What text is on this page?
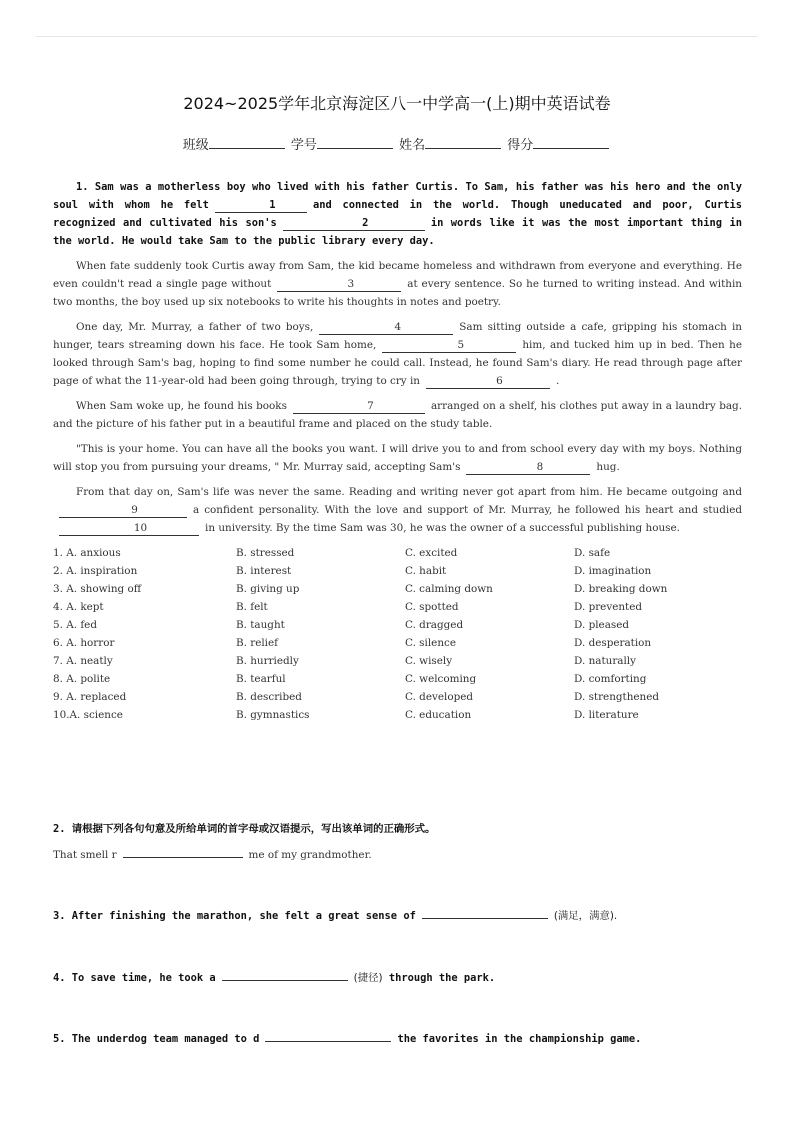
2024~2025学年北京海淀区八一中学高一(上)期中英语试卷
班级	学号	姓名	得分

1. Sam was a motherless boy who lived with his father Curtis. To Sam, his father was his hero and the only soul with whom he felt	1	and connected in the world. Though uneducated and poor, Curtis recognized and cultivated his son's	2	in words like it was the most important thing in the world. He would take Sam to the public library every day.

When fate suddenly took Curtis away from Sam, the kid became homeless and withdrawn from everyone and everything. He even couldn't read a single page without	3	at every sentence. So he turned to writing instead. And within two months, the boy used up six notebooks to write his thoughts in notes and poetry.

One day, Mr. Murray, a father of two boys,	4	Sam sitting outside a cafe, gripping his stomach in hunger, tears streaming down his face. He took Sam home,	5	him, and tucked him up in bed. Then he looked through Sam's bag, hoping to find some number he could call. Instead, he found Sam's diary. He read through page after page of what the 11-year-old had been going through, trying to cry in	6	.

When Sam woke up, he found his books	7	arranged on a shelf, his clothes put away in a laundry bag. and the picture of his father put in a beautiful frame and placed on the study table.

"This is your home. You can have all the books you want. I will drive you to and from school every day with my boys. Nothing will stop you from pursuing your dreams, " Mr. Murray said, accepting Sam's	8	hug.

From that day on, Sam's life was never the same. Reading and writing never got apart from him. He became outgoing and9	a confident personality. With the love and support of Mr. Murray, he followed his heart and studied10	in university. By the time Sam was 30, he was the owner of a successful publishing house.

1. A. anxious	B. stressed	C. excited	D. safe
2. A. inspiration	B. interest	C. habit	D. imagination
3. A. showing off	B. giving up	C. calming down	D. breaking down
4. A. kept	B. felt	C. spotted	D. prevented
5. A. fed	B. taught	C. dragged	D. pleased
6. A. horror	B. relief	C. silence	D. desperation
7. A. neatly	B. hurriedly	C. wisely	D. naturally
8. A. polite	B. tearful	C. welcoming	D. comforting
9. A. replaced	B. described	C. developed	D. strengthened
10.A. science	B. gymnastics	C. education	D. literature
2. 请根据下列各句句意及所给单词的首字母或汉语提示，写出该单词的正确形式。
That smell r	me of my grandmother.
3. After finishing the marathon, she felt a great sense of	(满足，满意).
4. To save time, he took a	(捷径) through the park.
5. The underdog team managed to d	the favorites in the championship game.
